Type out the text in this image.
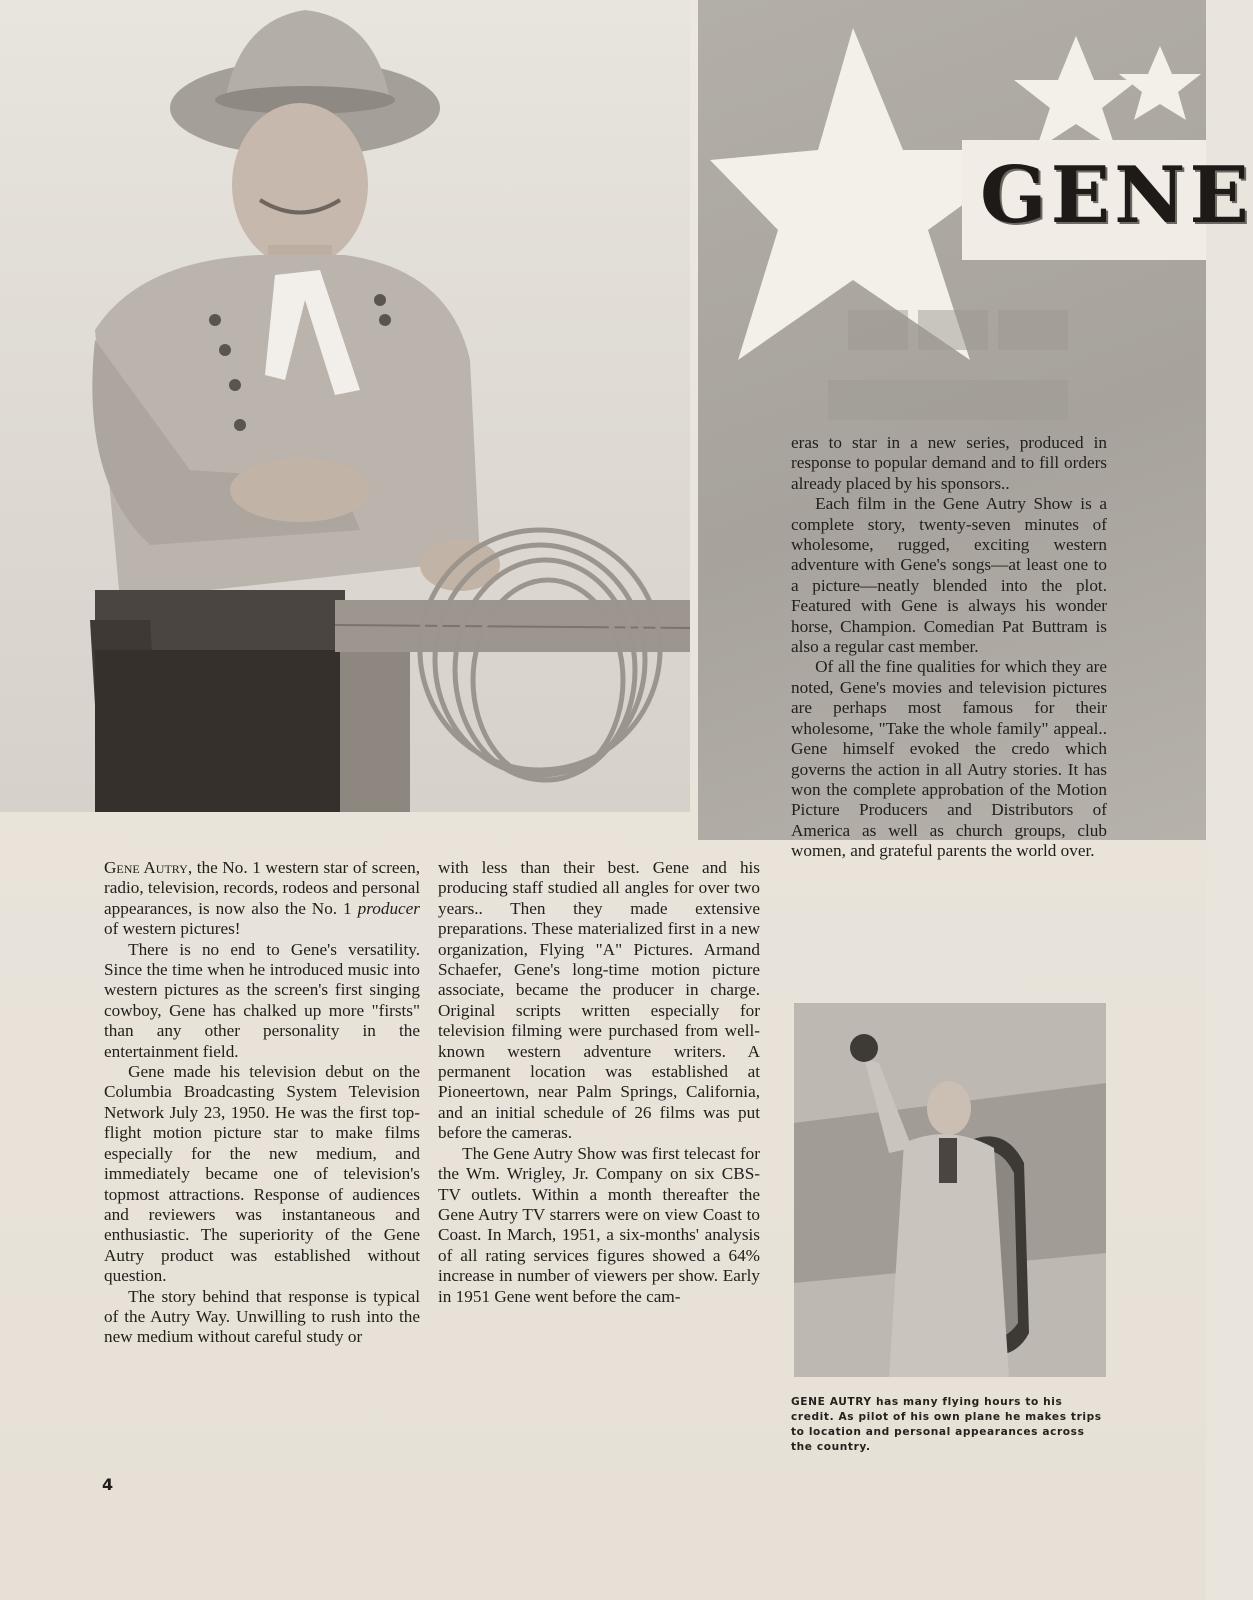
GENE

Gene Autry, the No. 1 western star of screen, radio, television, records, rodeos and personal appearances, is now also the No. 1 producer of western pictures!

There is no end to Gene's versatility. Since the time when he introduced music into western pictures as the screen's first singing cowboy, Gene has chalked up more "firsts" than any other personality in the entertainment field.

Gene made his television debut on the Columbia Broadcasting System Television Network July 23, 1950. He was the first top-flight motion picture star to make films especially for the new medium, and immediately became one of television's topmost attractions. Response of audiences and reviewers was instantaneous and enthusiastic. The superiority of the Gene Autry product was established without question.

The story behind that response is typical of the Autry Way. Unwilling to rush into the new medium without careful study or

with less than their best. Gene and his producing staff studied all angles for over two years.. Then they made extensive preparations. These materialized first in a new organization, Flying "A" Pictures. Armand Schaefer, Gene's long-time motion picture associate, became the producer in charge. Original scripts written especially for television filming were purchased from well-known western adventure writers. A permanent location was established at Pioneertown, near Palm Springs, California, and an initial schedule of 26 films was put before the cameras.

The Gene Autry Show was first telecast for the Wm. Wrigley, Jr. Company on six CBS-TV outlets. Within a month thereafter the Gene Autry TV starrers were on view Coast to Coast. In March, 1951, a six-months' analysis of all rating services figures showed a 64% increase in number of viewers per show. Early in 1951 Gene went before the cam-

eras to star in a new series, produced in response to popular demand and to fill orders already placed by his sponsors..

Each film in the Gene Autry Show is a complete story, twenty-seven minutes of wholesome, rugged, exciting western adventure with Gene's songs—at least one to a picture—neatly blended into the plot. Featured with Gene is always his wonder horse, Champion. Comedian Pat Buttram is also a regular cast member.

Of all the fine qualities for which they are noted, Gene's movies and television pictures are perhaps most famous for their wholesome, "Take the whole family" appeal.. Gene himself evoked the credo which governs the action in all Autry stories. It has won the complete approbation of the Motion Picture Producers and Distributors of America as well as church groups, club women, and grateful parents the world over.

GENE AUTRY has many flying hours to his credit. As pilot of his own plane he makes trips to location and personal appearances across the country.
4
